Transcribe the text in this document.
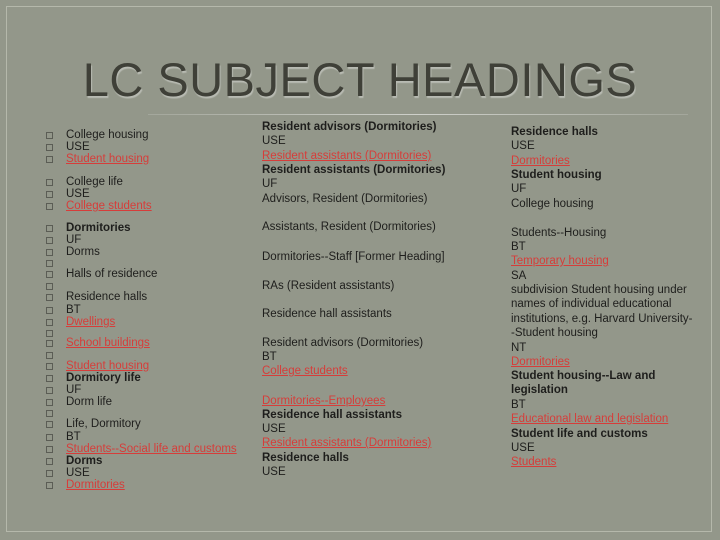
LC SUBJECT HEADINGS
College housing
USE
Student housing
College life
USE
College students
Dormitories
UF
Dorms
Halls of residence
Residence halls
BT
Dwellings
School buildings
Student housing
Dormitory life
UF
Dorm life
Life, Dormitory
BT
Students--Social life and customs
Dorms
USE
Dormitories
Resident advisors (Dormitories)
USE
Resident assistants (Dormitories)
Resident assistants (Dormitories)
UF
Advisors, Resident (Dormitories)
Assistants, Resident (Dormitories)
Dormitories--Staff [Former Heading]
RAs (Resident assistants)
Residence hall assistants
Resident advisors (Dormitories)
BT
College students
Dormitories--Employees
Residence hall assistants
USE
Resident assistants (Dormitories)
Residence halls
USE
Residence halls
USE
Dormitories
Student housing
UF
College housing
Students--Housing
BT
Temporary housing
SA
subdivision Student housing under
names of individual educational
institutions, e.g. Harvard University-
-Student housing
NT
Dormitories
Student housing--Law and
legislation
BT
Educational law and legislation
Student life and customs
USE
Students
